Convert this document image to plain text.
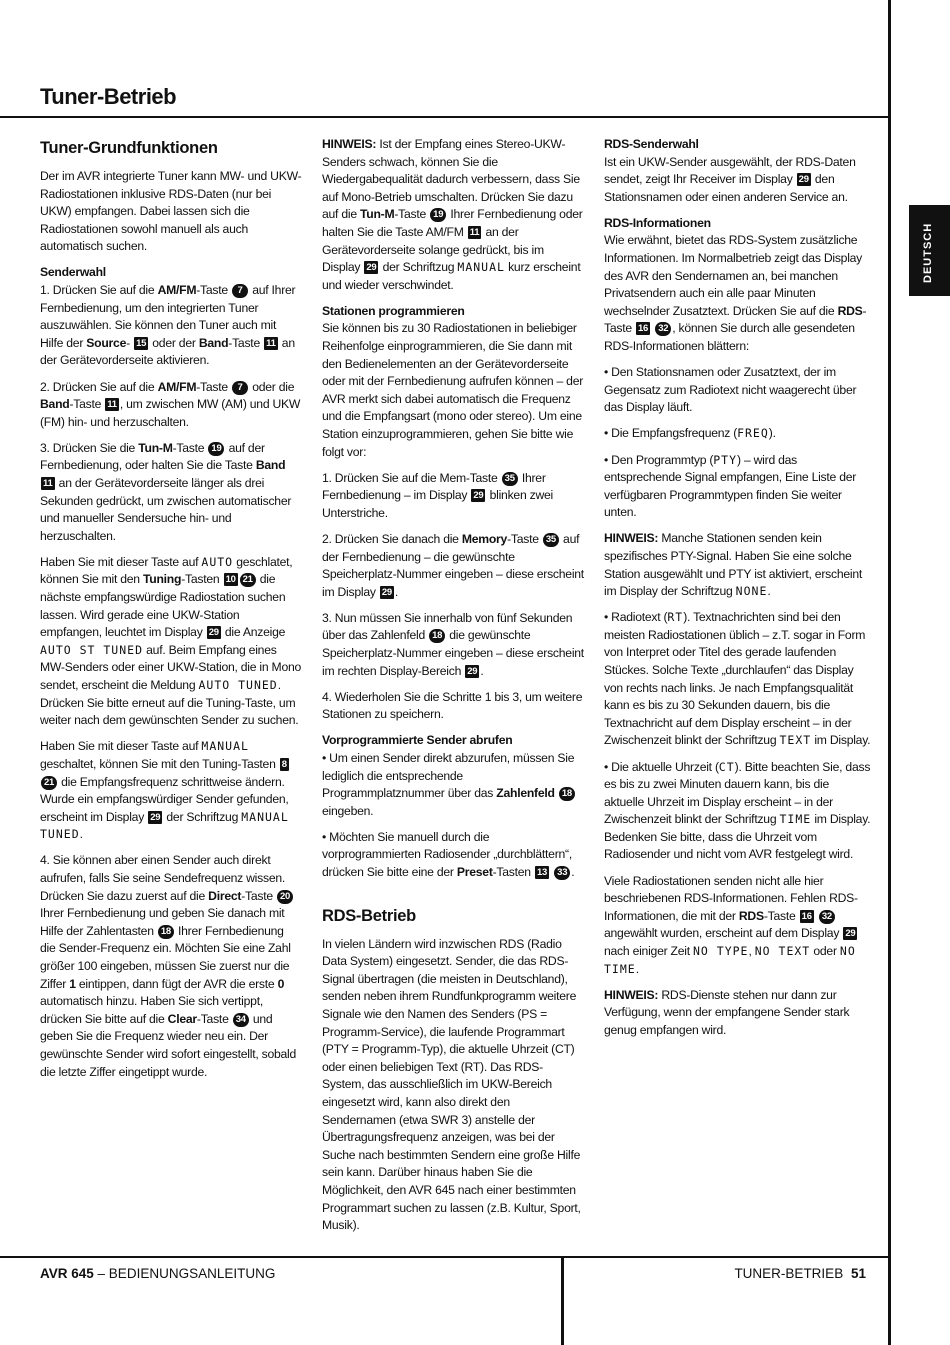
Tuner-Betrieb
DEUTSCH
Tuner-Grundfunktionen

Der im AVR integrierte Tuner kann MW- und UKW-Radiostationen inklusive RDS-Daten (nur bei UKW) empfangen. Dabei lassen sich die Radiostationen sowohl manuell als auch automatisch suchen.

Senderwahl

1. Drücken Sie auf die AM/FM-Taste 7 auf Ihrer Fernbedienung, um den integrierten Tuner auszuwählen. Sie können den Tuner auch mit Hilfe der Source- 15 oder der Band-Taste 11 an der Gerätevorderseite aktivieren.

2. Drücken Sie auf die AM/FM-Taste 7 oder die Band-Taste 11 , um zwischen MW (AM) und UKW (FM) hin- und herzuschalten.

3. Drücken Sie die Tun-M-Taste 19 auf der Fernbedienung, oder halten Sie die Taste Band 11 an der Gerätevorderseite länger als drei Sekunden gedrückt, um zwischen automatischer und manueller Sendersuche hin- und herzuschalten.

Haben Sie mit dieser Taste auf AUTO geschlatet, können Sie mit den Tuning-Tasten 10 21 die nächste empfangswürdige Radiostation suchen lassen. Wird gerade eine UKW-Station empfangen, leuchtet im Display 29 die Anzeige AUTO ST TUNED auf. Beim Empfang eines MW-Senders oder einer UKW-Station, die in Mono sendet, erscheint die Meldung AUTO TUNED. Drücken Sie bitte erneut auf die Tuning-Taste, um weiter nach dem gewünschten Sender zu suchen.

Haben Sie mit dieser Taste auf MANUAL geschaltet, können Sie mit den Tuning-Tasten 821 die Empfangsfrequenz schrittweise ändern. Wurde ein empfangswürdiger Sender gefunden, erscheint im Display 29 der Schriftzug MANUAL TUNED.

4. Sie können aber einen Sender auch direkt aufrufen, falls Sie seine Sendefrequenz wissen. Drücken Sie dazu zuerst auf die Direct-Taste 20 Ihrer Fernbedienung und geben Sie danach mit Hilfe der Zahlentasten 18 Ihrer Fernbedienung die Sender-Frequenz ein. Möchten Sie eine Zahl größer 100 eingeben, müssen Sie zuerst nur die Ziffer 1 eintippen, dann fügt der AVR die erste 0 automatisch hinzu. Haben Sie sich vertippt, drücken Sie bitte auf die Clear-Taste 34 und geben Sie die Frequenz wieder neu ein. Der gewünschte Sender wird sofort eingestellt, sobald die letzte Ziffer eingetippt wurde.

HINWEIS: Ist der Empfang eines Stereo-UKW-Senders schwach, können Sie die Wiedergabequalität dadurch verbessern, dass Sie auf Mono-Betrieb umschalten. Drücken Sie dazu auf die Tun-M-Taste 19 Ihrer Fernbedienung oder halten Sie die Taste AM/FM 11 an der Gerätevorderseite solange gedrückt, bis im Display 29 der Schriftzug MANUAL kurz erscheint und wieder verschwindet.

Stationen programmieren

Sie können bis zu 30 Radiostationen in beliebiger Reihenfolge einprogrammieren, die Sie dann mit den Bedienelementen an der Gerätevorderseite oder mit der Fernbedienung aufrufen können – der AVR merkt sich dabei automatisch die Frequenz und die Empfangsart (mono oder stereo). Um eine Station einzuprogrammieren, gehen Sie bitte wie folgt vor:

1. Drücken Sie auf die Mem-Taste 35 Ihrer Fernbedienung – im Display 29 blinken zwei Unterstriche.

2. Drücken Sie danach die Memory-Taste 35 auf der Fernbedienung – die gewünschte Speicherplatz-Nummer eingeben – diese erscheint im Display 29 .

3. Nun müssen Sie innerhalb von fünf Sekunden über das Zahlenfeld 18 die gewünschte Speicherplatz-Nummer eingeben – diese erscheint im rechten Display-Bereich 29 .

4. Wiederholen Sie die Schritte 1 bis 3, um weitere Stationen zu speichern.

Vorprogrammierte Sender abrufen

• Um einen Sender direkt abzurufen, müssen Sie lediglich die entsprechende Programmplatznummer über das Zahlenfeld 18 eingeben.

• Möchten Sie manuell durch die vorprogrammierten Radiosender „durchblättern“, drücken Sie bitte eine der Preset-Tasten 13 33 .

RDS-Betrieb

In vielen Ländern wird inzwischen RDS (Radio Data System) eingesetzt. Sender, die das RDS-Signal übertragen (die meisten in Deutschland), senden neben ihrem Rundfunkprogramm weitere Signale wie den Namen des Senders (PS = Programm-Service), die laufende Programmart (PTY = Programm-Typ), die aktuelle Uhrzeit (CT) oder einen beliebigen Text (RT). Das RDS-System, das ausschließlich im UKW-Bereich eingesetzt wird, kann also direkt den Sendernamen (etwa SWR 3) anstelle der Übertragungsfrequenz anzeigen, was bei der Suche nach bestimmten Sendern eine große Hilfe sein kann. Darüber hinaus haben Sie die Möglichkeit, den AVR 645 nach einer bestimmten Programmart suchen zu lassen (z.B. Kultur, Sport, Musik).

RDS-Senderwahl

Ist ein UKW-Sender ausgewählt, der RDS-Daten sendet, zeigt Ihr Receiver im Display 29 den Stationsnamen oder einen anderen Service an.

RDS-Informationen

Wie erwähnt, bietet das RDS-System zusätzliche Informationen. Im Normalbetrieb zeigt das Display des AVR den Sendernamen an, bei manchen Privatsendern auch ein alle paar Minuten wechselnder Zusatztext. Drücken Sie auf die RDS-Taste 16 32 , können Sie durch alle gesendeten RDS-Informationen blättern:

• Den Stationsnamen oder Zusatztext, der im Gegensatz zum Radiotext nicht waagerecht über das Display läuft.

• Die Empfangsfrequenz (FREQ).

• Den Programmtyp (PTY) – wird das entsprechende Signal empfangen, Eine Liste der verfügbaren Programmtypen finden Sie weiter unten.

HINWEIS: Manche Stationen senden kein spezifisches PTY-Signal. Haben Sie eine solche Station ausgewählt und PTY ist aktiviert, erscheint im Display der Schriftzug NONE.

• Radiotext (RT). Textnachrichten sind bei den meisten Radiostationen üblich – z.T. sogar in Form von Interpret oder Titel des gerade laufenden Stückes. Solche Texte „durchlaufen“ das Display von rechts nach links. Je nach Empfangsqualität kann es bis zu 30 Sekunden dauern, bis die Textnachricht auf dem Display erscheint – in der Zwischenzeit blinkt der Schriftzug TEXT im Display.

• Die aktuelle Uhrzeit (CT). Bitte beachten Sie, dass es bis zu zwei Minuten dauern kann, bis die aktuelle Uhrzeit im Display erscheint – in der Zwischenzeit blinkt der Schriftzug TIME im Display. Bedenken Sie bitte, dass die Uhrzeit vom Radiosender und nicht vom AVR festgelegt wird.

Viele Radiostationen senden nicht alle hier beschriebenen RDS-Informationen. Fehlen RDS-Informationen, die mit der RDS-Taste 16 32 angewählt wurden, erscheint auf dem Display 29 nach einiger Zeit NO TYPE, NO TEXT oder NO TIME.

HINWEIS: RDS-Dienste stehen nur dann zur Verfügung, wenn der empfangene Sender stark genug empfangen wird.

AVR 645 – BEDIENUNGSANLEITUNG	TUNER-BETRIEB 51
